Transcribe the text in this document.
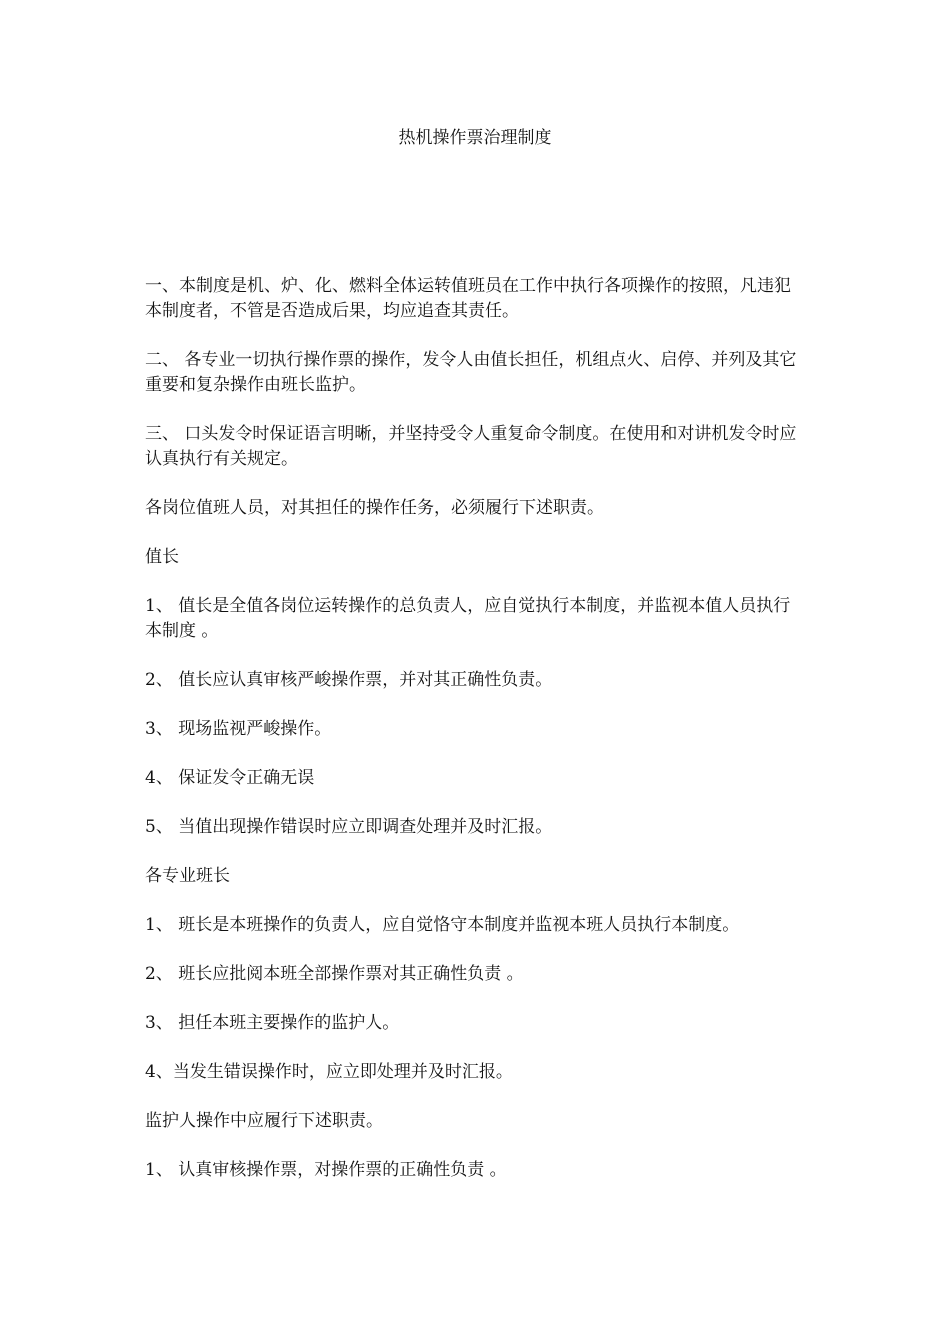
热机操作票治理制度

一、本制度是机、炉、化、燃料全体运转值班员在工作中执行各项操作的按照，凡违犯本制度者，不管是否造成后果，均应追查其责任。

二、 各专业一切执行操作票的操作，发令人由值长担任，机组点火、启停、并列及其它重要和复杂操作由班长监护。

三、 口头发令时保证语言明晰，并坚持受令人重复命令制度。在使用和对讲机发令时应认真执行有关规定。

各岗位值班人员，对其担任的操作任务，必须履行下述职责。

值长

1、 值长是全值各岗位运转操作的总负责人，应自觉执行本制度，并监视本值人员执行本制度 。

2、 值长应认真审核严峻操作票，并对其正确性负责。

3、 现场监视严峻操作。

4、 保证发令正确无误

5、 当值出现操作错误时应立即调查处理并及时汇报。

各专业班长

1、 班长是本班操作的负责人，应自觉恪守本制度并监视本班人员执行本制度。

2、 班长应批阅本班全部操作票对其正确性负责 。

3、 担任本班主要操作的监护人。

4、当发生错误操作时，应立即处理并及时汇报。

监护人操作中应履行下述职责。

1、 认真审核操作票，对操作票的正确性负责 。
